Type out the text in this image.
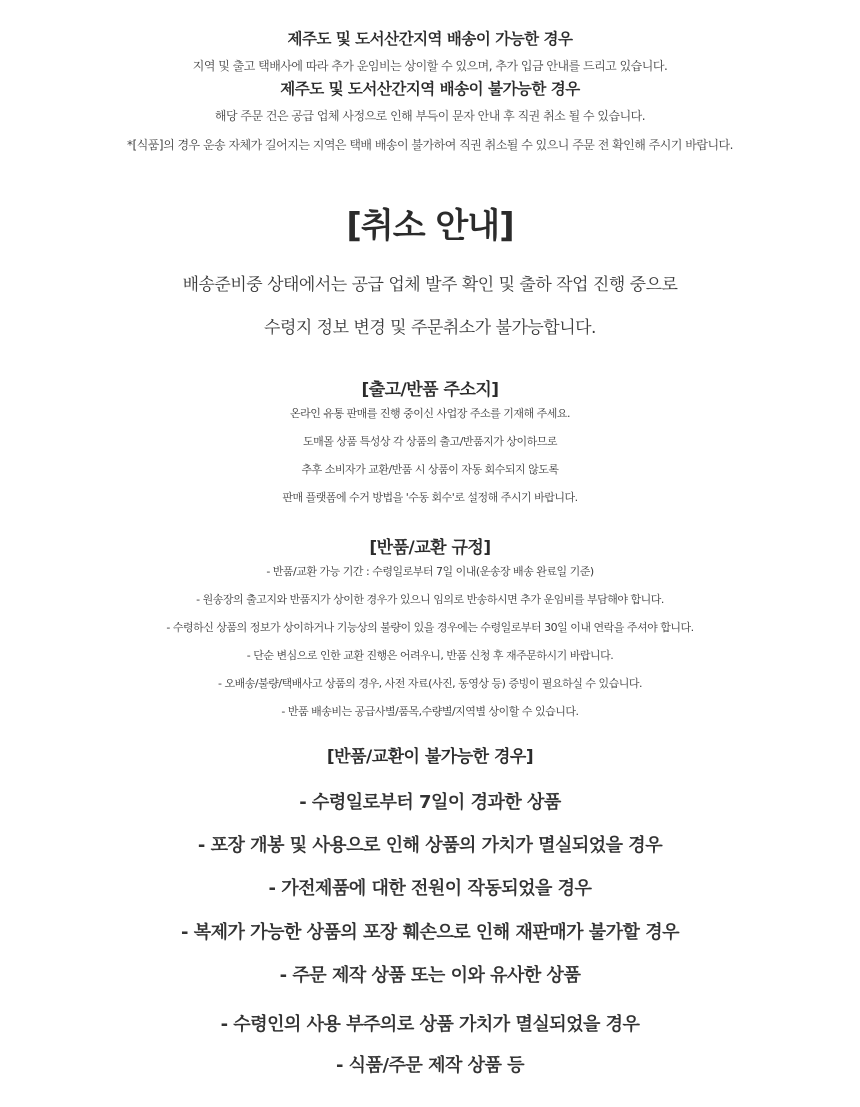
제주도 및 도서산간지역 배송이 가능한 경우
지역 및 출고 택배사에 따라 추가 운임비는 상이할 수 있으며, 추가 입금 안내를 드리고 있습니다.
제주도 및 도서산간지역 배송이 불가능한 경우
해당 주문 건은 공급 업체 사정으로 인해 부득이 문자 안내 후 직권 취소 될 수 있습니다.
*[식품]의 경우 운송 자체가 길어지는 지역은 택배 배송이 불가하여 직권 취소될 수 있으니 주문 전 확인해 주시기 바랍니다.
[취소 안내]
배송준비중 상태에서는 공급 업체 발주 확인 및 출하 작업 진행 중으로
수령지 정보 변경 및 주문취소가 불가능합니다.
[출고/반품 주소지]
온라인 유통 판매를 진행 중이신 사업장 주소를 기재해 주세요.
도매몰 상품 특성상 각 상품의 출고/반품지가 상이하므로
추후 소비자가 교환/반품 시 상품이 자동 회수되지 않도록
판매 플랫폼에 수거 방법을 '수동 회수'로 설정해 주시기 바랍니다.
[반품/교환 규정]
- 반품/교환 가능 기간 : 수령일로부터 7일 이내(운송장 배송 완료일 기준)
- 원송장의 출고지와 반품지가 상이한 경우가 있으니 임의로 반송하시면 추가 운임비를 부담해야 합니다.
- 수령하신 상품의 정보가 상이하거나 기능상의 불량이 있을 경우에는 수령일로부터 30일 이내 연락을 주셔야 합니다.
- 단순 변심으로 인한 교환 진행은 어려우니, 반품 신청 후 재주문하시기 바랍니다.
- 오배송/불량/택배사고 상품의 경우, 사전 자료(사진, 동영상 등) 증빙이 필요하실 수 있습니다.
- 반품 배송비는 공급사별/품목,수량별/지역별 상이할 수 있습니다.
[반품/교환이 불가능한 경우]
- 수령일로부터 7일이 경과한 상품
- 포장 개봉 및 사용으로 인해 상품의 가치가 멸실되었을 경우
- 가전제품에 대한 전원이 작동되었을 경우
- 복제가 가능한 상품의 포장 훼손으로 인해 재판매가 불가할 경우
- 주문 제작 상품 또는 이와 유사한 상품
- 수령인의 사용 부주의로 상품 가치가 멸실되었을 경우
- 식품/주문 제작 상품 등
